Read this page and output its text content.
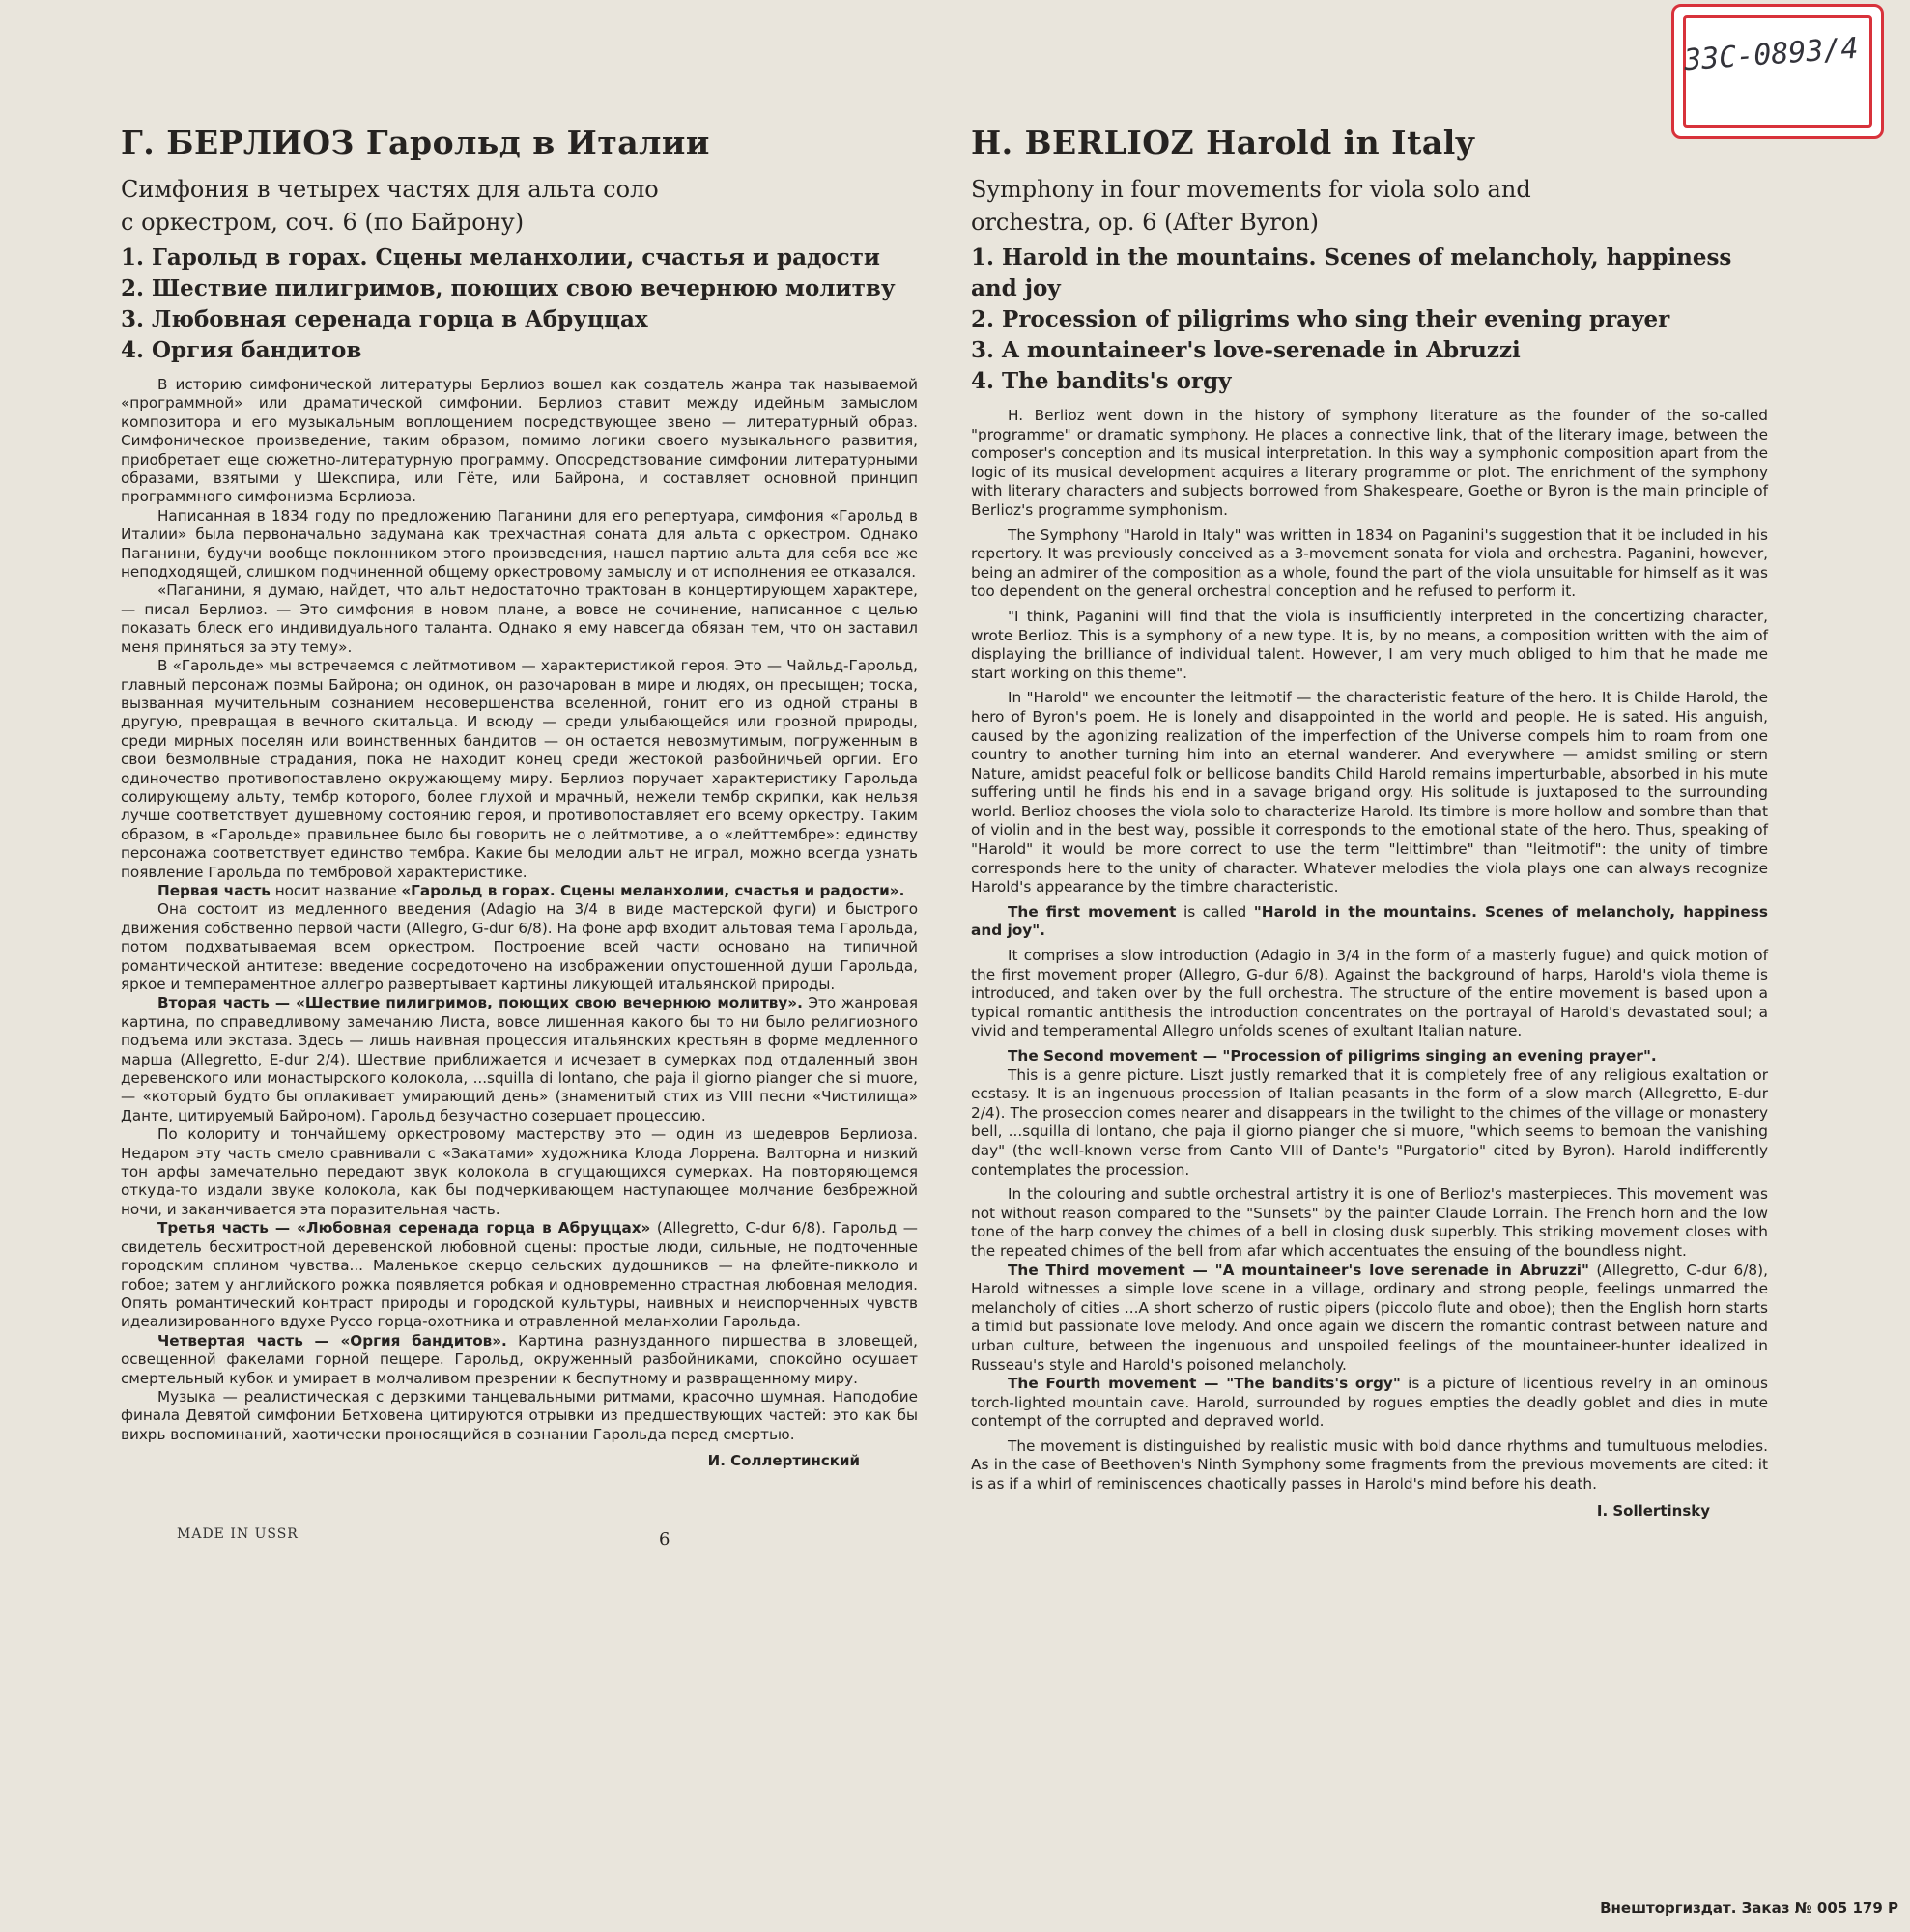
33С-0893/4
Г. БЕРЛИОЗ Гарольд в Италии
Симфония в четырех частях для альта соло
с оркестром, соч. 6 (по Байрону)
1. Гарольд в горах. Сцены меланхолии, счастья и радости
2. Шествие пилигримов, поющих свою вечернюю молитву
3. Любовная серенада горца в Абруццах
4. Оргия бандитов

В историю симфонической литературы Берлиоз вошел как создатель жанра так называемой «программной» или драматической симфонии. Берлиоз ставит между идейным замыслом композитора и его музыкальным воплощением посредствующее звено — литературный образ. Симфоническое произведение, таким образом, помимо логики своего музыкального развития, приобретает еще сюжетно-литературную программу. Опосредствование симфонии литературными образами, взятыми у Шекспира, или Гёте, или Байрона, и составляет основной принцип программного симфонизма Берлиоза.

Написанная в 1834 году по предложению Паганини для его репертуара, симфония «Гарольд в Италии» была первоначально задумана как трехчастная соната для альта с оркестром. Однако Паганини, будучи вообще поклонником этого произведения, нашел партию альта для себя все же неподходящей, слишком подчиненной общему оркестровому замыслу и от исполнения ее отказался.

«Паганини, я думаю, найдет, что альт недостаточно трактован в концертирующем характере, — писал Берлиоз. — Это симфония в новом плане, а вовсе не сочинение, написанное с целью показать блеск его индивидуального таланта. Однако я ему навсегда обязан тем, что он заставил меня приняться за эту тему».

В «Гарольде» мы встречаемся с лейтмотивом — характеристикой героя. Это — Чайльд-Гарольд, главный персонаж поэмы Байрона; он одинок, он разочарован в мире и людях, он пресыщен; тоска, вызванная мучительным сознанием несовершенства вселенной, гонит его из одной страны в другую, превращая в вечного скитальца. И всюду — среди улыбающейся или грозной природы, среди мирных поселян или воинственных бандитов — он остается невозмутимым, погруженным в свои безмолвные страдания, пока не находит конец среди жестокой разбойничьей оргии. Его одиночество противопоставлено окружающему миру. Берлиоз поручает характеристику Гарольда солирующему альту, тембр которого, более глухой и мрачный, нежели тембр скрипки, как нельзя лучше соответствует душевному состоянию героя, и противопоставляет его всему оркестру. Таким образом, в «Гарольде» правильнее было бы говорить не о лейтмотиве, а о «лейттембре»: единству персонажа соответствует единство тембра. Какие бы мелодии альт не играл, можно всегда узнать появление Гарольда по тембровой характеристике.

Первая часть носит название «Гарольд в горах. Сцены меланхолии, счастья и радости».

Она состоит из медленного введения (Adagio на 3/4 в виде мастерской фуги) и быстрого движения собственно первой части (Allegro, G-dur 6/8). На фоне арф входит альтовая тема Гарольда, потом подхватываемая всем оркестром. Построение всей части основано на типичной романтической антитезе: введение сосредоточено на изображении опустошенной души Гарольда, яркое и темпераментное аллегро развертывает картины ликующей итальянской природы.

Вторая часть — «Шествие пилигримов, поющих свою вечернюю молитву». Это жанровая картина, по справедливому замечанию Листа, вовсе лишенная какого бы то ни было религиозного подъема или экстаза. Здесь — лишь наивная процессия итальянских крестьян в форме медленного марша (Allegretto, E-dur 2/4). Шествие приближается и исчезает в сумерках под отдаленный звон деревенского или монастырского колокола, ...squilla di lontano, che paja il giorno pianger che si muore, — «который будто бы оплакивает умирающий день» (знаменитый стих из VIII песни «Чистилища» Данте, цитируемый Байроном). Гарольд безучастно созерцает процессию.

По колориту и тончайшему оркестровому мастерству это — один из шедевров Берлиоза. Недаром эту часть смело сравнивали с «Закатами» художника Клода Лоррена. Валторна и низкий тон арфы замечательно передают звук колокола в сгущающихся сумерках. На повторяющемся откуда-то издали звуке колокола, как бы подчеркивающем наступающее молчание безбрежной ночи, и заканчивается эта поразительная часть.

Третья часть — «Любовная серенада горца в Абруццах» (Allegretto, C-dur 6/8). Гарольд — свидетель бесхитростной деревенской любовной сцены: простые люди, сильные, не подточенные городским сплином чувства... Маленькое скерцо сельских дудошников — на флейте-пикколо и гобое; затем у английского рожка появляется робкая и одновременно страстная любовная мелодия. Опять романтический контраст природы и городской культуры, наивных и неиспорченных чувств идеализированного вдухе Руссо горца-охотника и отравленной меланхолии Гарольда.

Четвертая часть — «Оргия бандитов». Картина разнузданного пиршества в зловещей, освещенной факелами горной пещере. Гарольд, окруженный разбойниками, спокойно осушает смертельный кубок и умирает в молчаливом презрении к беспутному и развращенному миру.

Музыка — реалистическая с дерзкими танцевальными ритмами, красочно шумная. Наподобие финала Девятой симфонии Бетховена цитируются отрывки из предшествующих частей: это как бы вихрь воспоминаний, хаотически проносящийся в сознании Гарольда перед смертью.

И. Соллертинский
H. BERLIOZ Harold in Italy
Symphony in four movements for viola solo and
orchestra, op. 6 (After Byron)
1. Harold in the mountains. Scenes of melancholy, happiness and joy
2. Procession of piligrims who sing their evening prayer
3. A mountaineer's love-serenade in Abruzzi
4. The bandits's orgy

H. Berlioz went down in the history of symphony literature as the founder of the so-called "programme" or dramatic symphony. He places a connective link, that of the literary image, between the composer's conception and its musical interpretation. In this way a symphonic composition apart from the logic of its musical development acquires a literary programme or plot. The enrichment of the symphony with literary characters and subjects borrowed from Shakespeare, Goethe or Byron is the main principle of Berlioz's programme symphonism.

The Symphony "Harold in Italy" was written in 1834 on Paganini's suggestion that it be included in his repertory. It was previously conceived as a 3-movement sonata for viola and orchestra. Paganini, however, being an admirer of the composition as a whole, found the part of the viola unsuitable for himself as it was too dependent on the general orchestral conception and he refused to perform it.

"I think, Paganini will find that the viola is insufficiently interpreted in the concertizing character, wrote Berlioz. This is a symphony of a new type. It is, by no means, a composition written with the aim of displaying the brilliance of individual talent. However, I am very much obliged to him that he made me start working on this theme".

In "Harold" we encounter the leitmotif — the characteristic feature of the hero. It is Childe Harold, the hero of Byron's poem. He is lonely and disappointed in the world and people. He is sated. His anguish, caused by the agonizing realization of the imperfection of the Universe compels him to roam from one country to another turning him into an eternal wanderer. And everywhere — amidst smiling or stern Nature, amidst peaceful folk or bellicose bandits Child Harold remains imperturbable, absorbed in his mute suffering until he finds his end in a savage brigand orgy. His solitude is juxtaposed to the surrounding world. Berlioz chooses the viola solo to characterize Harold. Its timbre is more hollow and sombre than that of violin and in the best way, possible it corresponds to the emotional state of the hero. Thus, speaking of "Harold" it would be more correct to use the term "leittimbre" than "leitmotif": the unity of timbre corresponds here to the unity of character. Whatever melodies the viola plays one can always recognize Harold's appearance by the timbre characteristic.

The first movement is called "Harold in the mountains. Scenes of melancholy, happiness and joy".

It comprises a slow introduction (Adagio in 3/4 in the form of a masterly fugue) and quick motion of the first movement proper (Allegro, G-dur 6/8). Against the background of harps, Harold's viola theme is introduced, and taken over by the full orchestra. The structure of the entire movement is based upon a typical romantic antithesis the introduction concentrates on the portrayal of Harold's devastated soul; a vivid and temperamental Allegro unfolds scenes of exultant Italian nature.

The Second movement — "Procession of piligrims singing an evening prayer".

This is a genre picture. Liszt justly remarked that it is completely free of any religious exaltation or ecstasy. It is an ingenuous procession of Italian peasants in the form of a slow march (Allegretto, E-dur 2/4). The prosecсion comes nearer and disappears in the twilight to the chimes of the village or monastery bell, ...squilla di lontano, che paja il giorno pianger che si muore, "which seems to bemoan the vanishing day" (the well-known verse from Canto VIII of Dante's "Purgatorio" cited by Byron). Harold indifferently contemplates the procession.

In the colouring and subtle orchestral artistry it is one of Berlioz's masterpieces. This movement was not without reason compared to the "Sunsets" by the painter Claude Lorrain. The French horn and the low tone of the harp convey the chimes of a bell in closing dusk superbly. This striking movement closes with the repeated chimes of the bell from afar which accentuates the ensuing of the boundless night.

The Third movement — "A mountaineer's love serenade in Abruzzi" (Allegretto, C-dur 6/8), Harold witnesses a simple love scene in a village, ordinary and strong people, feelings unmarred the melancholy of cities ...A short scherzo of rustic pipers (piccolo flute and oboe); then the English horn starts a timid but passionate love melody. And once again we discern the romantic contrast between nature and urban culture, between the ingenuous and unspoiled feelings of the mountaineer-hunter idealized in Russeau's style and Harold's poisoned melancholy.

The Fourth movement — "The bandits's orgy" is a picture of licentious revelry in an ominous torch-lighted mountain cave. Harold, surrounded by rogues empties the deadly goblet and dies in mute contempt of the corrupted and depraved world.

The movement is distinguished by realistic music with bold dance rhythms and tumultuous melodies. As in the case of Beethoven's Ninth Symphony some fragments from the previous movements are cited: it is as if a whirl of reminiscences chaotically passes in Harold's mind before his death.

I. Sollertinsky
MADE IN USSR	6
Внешторгиздат. Заказ № 005 179 Р
